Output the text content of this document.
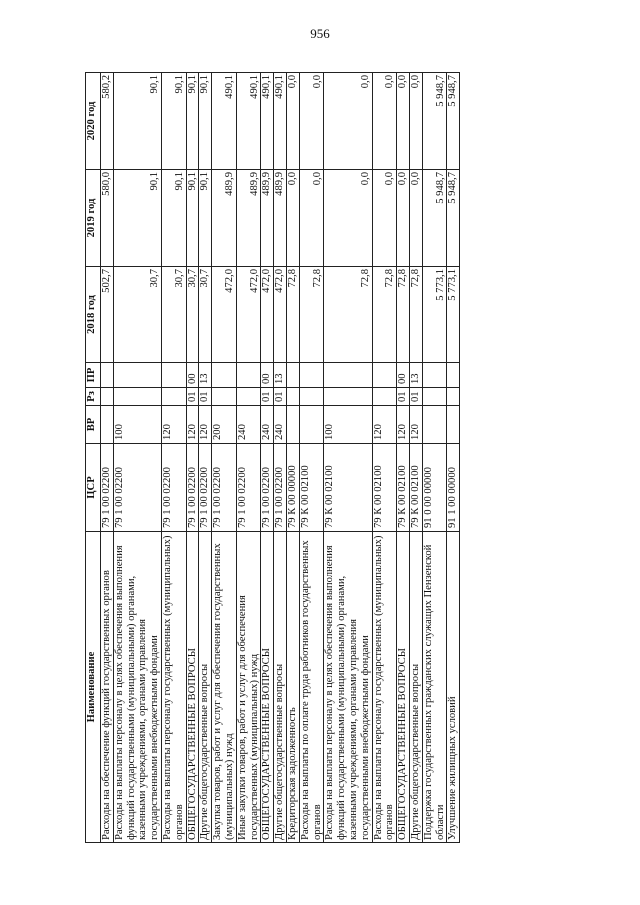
956
Наименование	ЦСР	ВР	Рз	ПР	2018 год	2019 год	2020 год
Расходы на обеспечение функций государственных органов	79 1 00 02200				502,7	580,0	580,2
Расходы на выплаты персоналу в целях обеспечения выполнения функций государственными (муниципальными) органами, казенными учреждениями, органами управления государственными внебюджетными фондами	79 1 00 02200	100			30,7	90,1	90,1
Расходы на выплаты персоналу государственных (муниципальных) органов	79 1 00 02200	120			30,7	90,1	90,1
ОБЩЕГОСУДАРСТВЕННЫЕ ВОПРОСЫ	79 1 00 02200	120	01	00	30,7	90,1	90,1
Другие общегосударственные вопросы	79 1 00 02200	120	01	13	30,7	90,1	90,1
Закупка товаров, работ и услуг для обеспечения государственных (муниципальных) нужд	79 1 00 02200	200			472,0	489,9	490,1
Иные закупки товаров, работ и услуг для обеспечения государственных (муниципальных) нужд	79 1 00 02200	240			472,0	489,9	490,1
ОБЩЕГОСУДАРСТВЕННЫЕ ВОПРОСЫ	79 1 00 02200	240	01	00	472,0	489,9	490,1
Другие общегосударственные вопросы	79 1 00 02200	240	01	13	472,0	489,9	490,1
Кредиторская задолженность	79 К 00 00000				72,8	0,0	0,0
Расходы на выплаты по оплате труда работников государственных органов	79 К 00 02100				72,8	0,0	0,0
Расходы на выплаты персоналу в целях обеспечения выполнения функций государственными (муниципальными) органами, казенными учреждениями, органами управления государственными внебюджетными фондами	79 К 00 02100	100			72,8	0,0	0,0
Расходы на выплаты персоналу государственных (муниципальных) органов	79 К 00 02100	120			72,8	0,0	0,0
ОБЩЕГОСУДАРСТВЕННЫЕ ВОПРОСЫ	79 К 00 02100	120	01	00	72,8	0,0	0,0
Другие общегосударственные вопросы	79 К 00 02100	120	01	13	72,8	0,0	0,0
Поддержка государственных гражданских служащих Пензенской области	91 0 00 00000				5 773,1	5 948,7	5 948,7
Улучшение жилищных условий	91 1 00 00000				5 773,1	5 948,7	5 948,7
